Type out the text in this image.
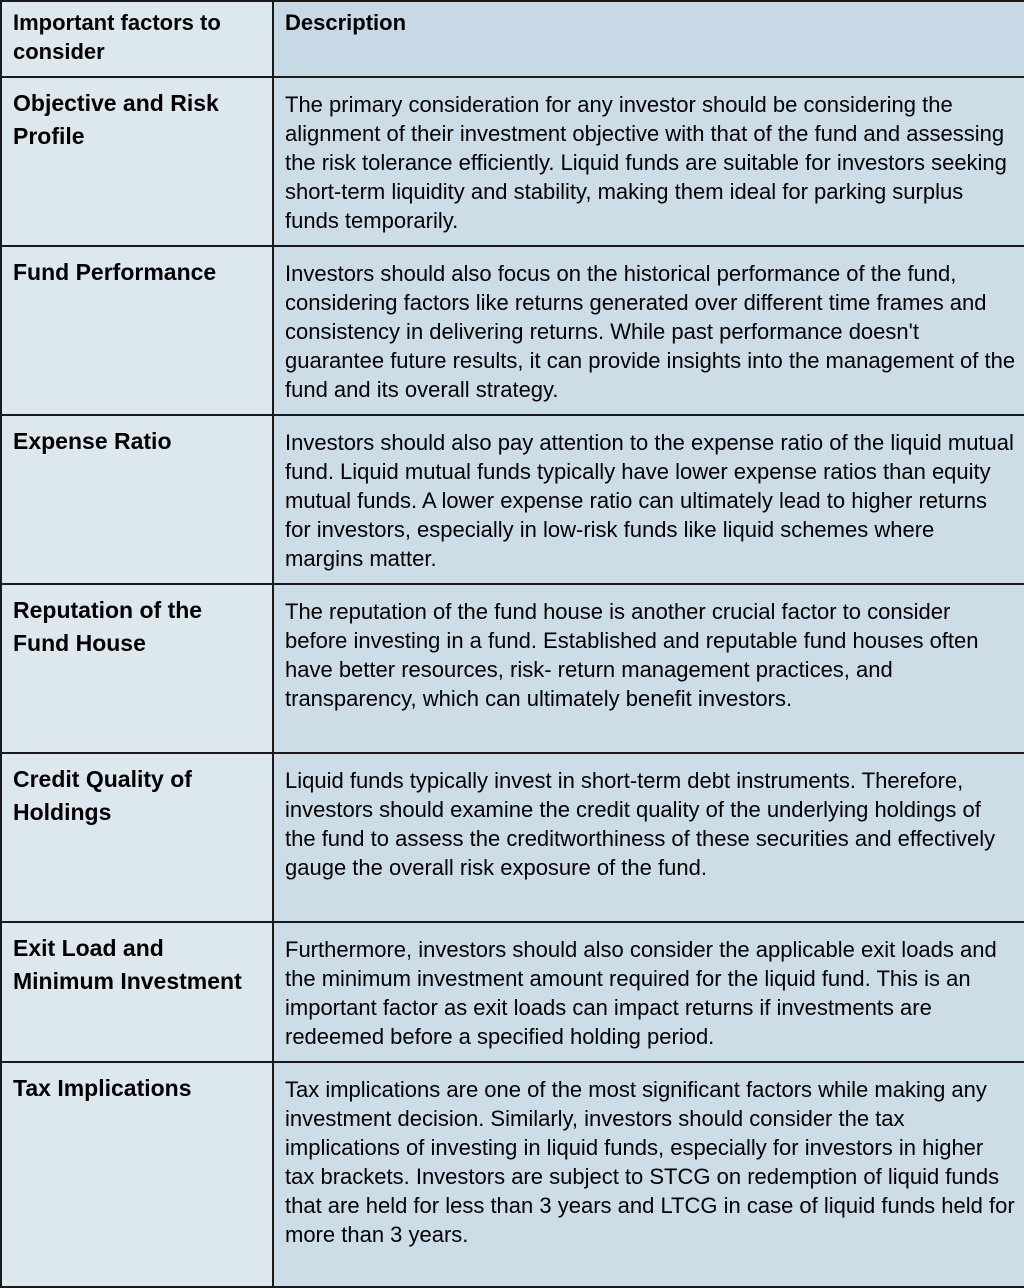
Important factors to consider	Description
Objective and Risk Profile	The primary consideration for any investor should be considering the alignment of their investment objective with that of the fund and assessing the risk tolerance efficiently. Liquid funds are suitable for investors seeking short-term liquidity and stability, making them ideal for parking surplus funds temporarily.
Fund Performance	Investors should also focus on the historical performance of the fund, considering factors like returns generated over different time frames and consistency in delivering returns. While past performance doesn't guarantee future results, it can provide insights into the management of the fund and its overall strategy.
Expense Ratio	Investors should also pay attention to the expense ratio of the liquid mutual fund. Liquid mutual funds typically have lower expense ratios than equity mutual funds. A lower expense ratio can ultimately lead to higher returns for investors, especially in low-risk funds like liquid schemes where margins matter.
Reputation of the Fund House	The reputation of the fund house is another crucial factor to consider before investing in a fund. Established and reputable fund houses often have better resources, risk- return management practices, and transparency, which can ultimately benefit investors.
Credit Quality of Holdings	Liquid funds typically invest in short-term debt instruments. Therefore, investors should examine the credit quality of the underlying holdings of the fund to assess the creditworthiness of these securities and effectively gauge the overall risk exposure of the fund.
Exit Load and Minimum Investment	Furthermore, investors should also consider the applicable exit loads and the minimum investment amount required for the liquid fund. This is an important factor as exit loads can impact returns if investments are redeemed before a specified holding period.
Tax Implications	Tax implications are one of the most significant factors while making any investment decision. Similarly, investors should consider the tax implications of investing in liquid funds, especially for investors in higher tax brackets. Investors are subject to STCG on redemption of liquid funds that are held for less than 3 years and LTCG in case of liquid funds held for more than 3 years.
